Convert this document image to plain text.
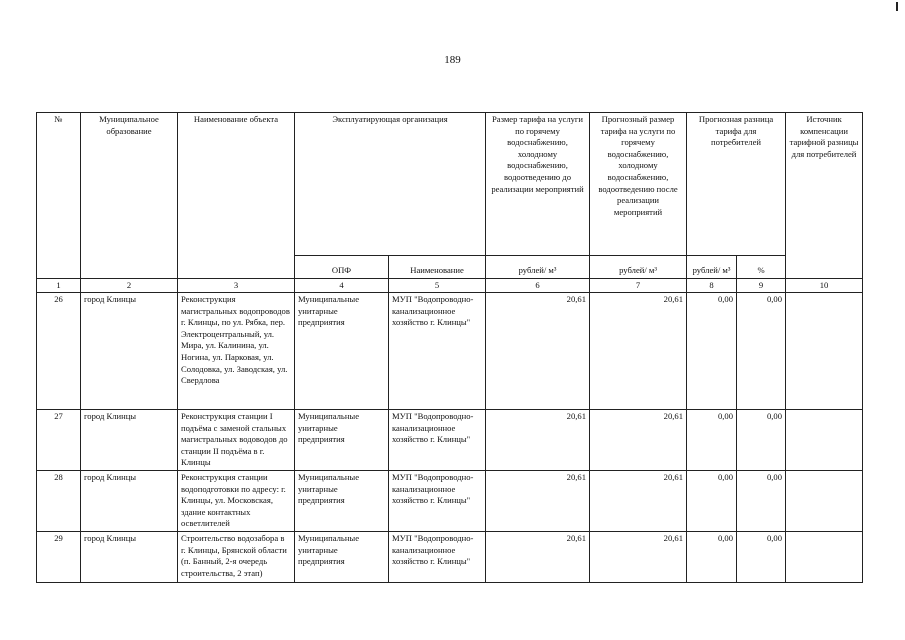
189
№	Муниципальное образование	Наименование объекта	Эксплуатирующая организация		Размер тарифа на услуги по горячему водоснабжению, холодному водоснабжению, водоотведению до реализации мероприятий	Прогнозный размер тарифа на услуги по горячему водоснабжению, холодному водоснабжению, водоотведению после реализации мероприятий	Прогнозная разница тарифа для потребителей		Источник компенсации тарифной разницы для потребителей
			ОПФ	Наименование	рублей/ м³	рублей/ м³	рублей/ м³	%	
1	2	3	4	5	6	7	8	9	10
26	город Клинцы	Реконструкция магистральных водопроводов г. Клинцы, по ул. Рябка, пер. Электроцентральный, ул. Мира, ул. Калинина, ул. Ногина, ул. Парковая, ул. Солодовка, ул. Заводская, ул. Свердлова	Муниципальные унитарные предприятия	МУП "Водопроводно-канализационное хозяйство г. Клинцы"	20,61	20,61	0,00	0,00	
27	город Клинцы	Реконструкция станции I подъёма с заменой стальных магистральных водоводов до станции II подъёма в г. Клинцы	Муниципальные унитарные предприятия	МУП "Водопроводно-канализационное хозяйство г. Клинцы"	20,61	20,61	0,00	0,00	
28	город Клинцы	Реконструкция станции водоподготовки по адресу: г. Клинцы, ул. Московская, здание контактных осветлителей	Муниципальные унитарные предприятия	МУП "Водопроводно-канализационное хозяйство г. Клинцы"	20,61	20,61	0,00	0,00	
29	город Клинцы	Строительство водозабора в г. Клинцы, Брянской области (п. Банный, 2-я очередь строительства, 2 этап)	Муниципальные унитарные предприятия	МУП "Водопроводно-канализационное хозяйство г. Клинцы"	20,61	20,61	0,00	0,00	
